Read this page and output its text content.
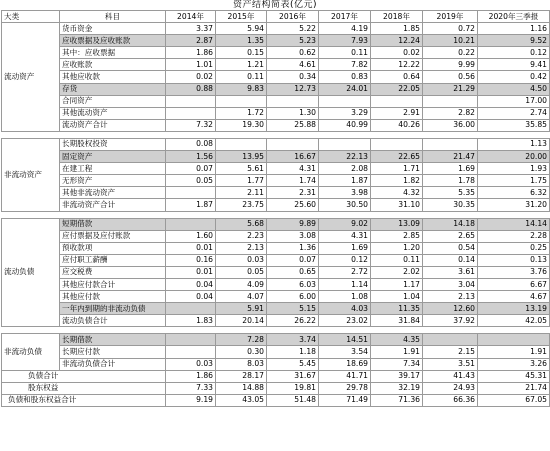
资产结构简表(亿元)
大类	科目	2014年	2015年	2016年	2017年	2018年	2019年	2020年三季报
流动资产	货币资金	3.37	5.94	5.22	4.19	1.85	0.72	1.16
	应收票据及应收账款	2.87	1.35	5.23	7.93	12.24	10.21	9.52
	其中：应收票据	1.86	0.15	0.62	0.11	0.02	0.22	0.12
	应收账款	1.01	1.21	4.61	7.82	12.22	9.99	9.41
	其他应收款	0.02	0.11	0.34	0.83	0.64	0.56	0.42
	存货	0.88	9.83	12.73	24.01	22.05	21.29	4.50
	合同资产							17.00
	其他流动资产		1.72	1.30	3.29	2.91	2.82	2.74
	流动资产合计	7.32	19.30	25.88	40.99	40.26	36.00	35.85

非流动资产	长期股权投资	0.08						1.13
	固定资产	1.56	13.95	16.67	22.13	22.65	21.47	20.00
	在建工程	0.07	5.61	4.31	2.08	1.71	1.69	1.93
	无形资产	0.05	1.77	1.74	1.87	1.82	1.78	1.75
	其他非流动资产		2.11	2.31	3.98	4.32	5.35	6.32
	非流动资产合计	1.87	23.75	25.60	30.50	31.10	30.35	31.20

流动负债	短期借款		5.68	9.89	9.02	13.09	14.18	14.14
	应付票据及应付账款	1.60	2.23	3.08	4.31	2.85	2.65	2.28
	预收款项	0.01	2.13	1.36	1.69	1.20	0.54	0.25
	应付职工薪酬	0.16	0.03	0.07	0.12	0.11	0.14	0.13
	应交税费	0.01	0.05	0.65	2.72	2.02	3.61	3.76
	其他应付款合计	0.04	4.09	6.03	1.14	1.17	3.04	6.67
	其他应付款	0.04	4.07	6.00	1.08	1.04	2.13	4.67
	一年内到期的非流动负债		5.91	5.15	4.03	11.35	12.60	13.19
	流动负债合计	1.83	20.14	26.22	23.02	31.84	37.92	42.05

非流动负债	长期借款		7.28	3.74	14.51	4.35		
	长期应付款		0.30	1.18	3.54	1.91	2.15	1.91
	非流动负债合计	0.03	8.03	5.45	18.69	7.34	3.51	3.26
负债合计		1.86	28.17	31.67	41.71	39.17	41.43	45.31
股东权益		7.33	14.88	19.81	29.78	32.19	24.93	21.74
负债和股东权益合计		9.19	43.05	51.48	71.49	71.36	66.36	67.05
